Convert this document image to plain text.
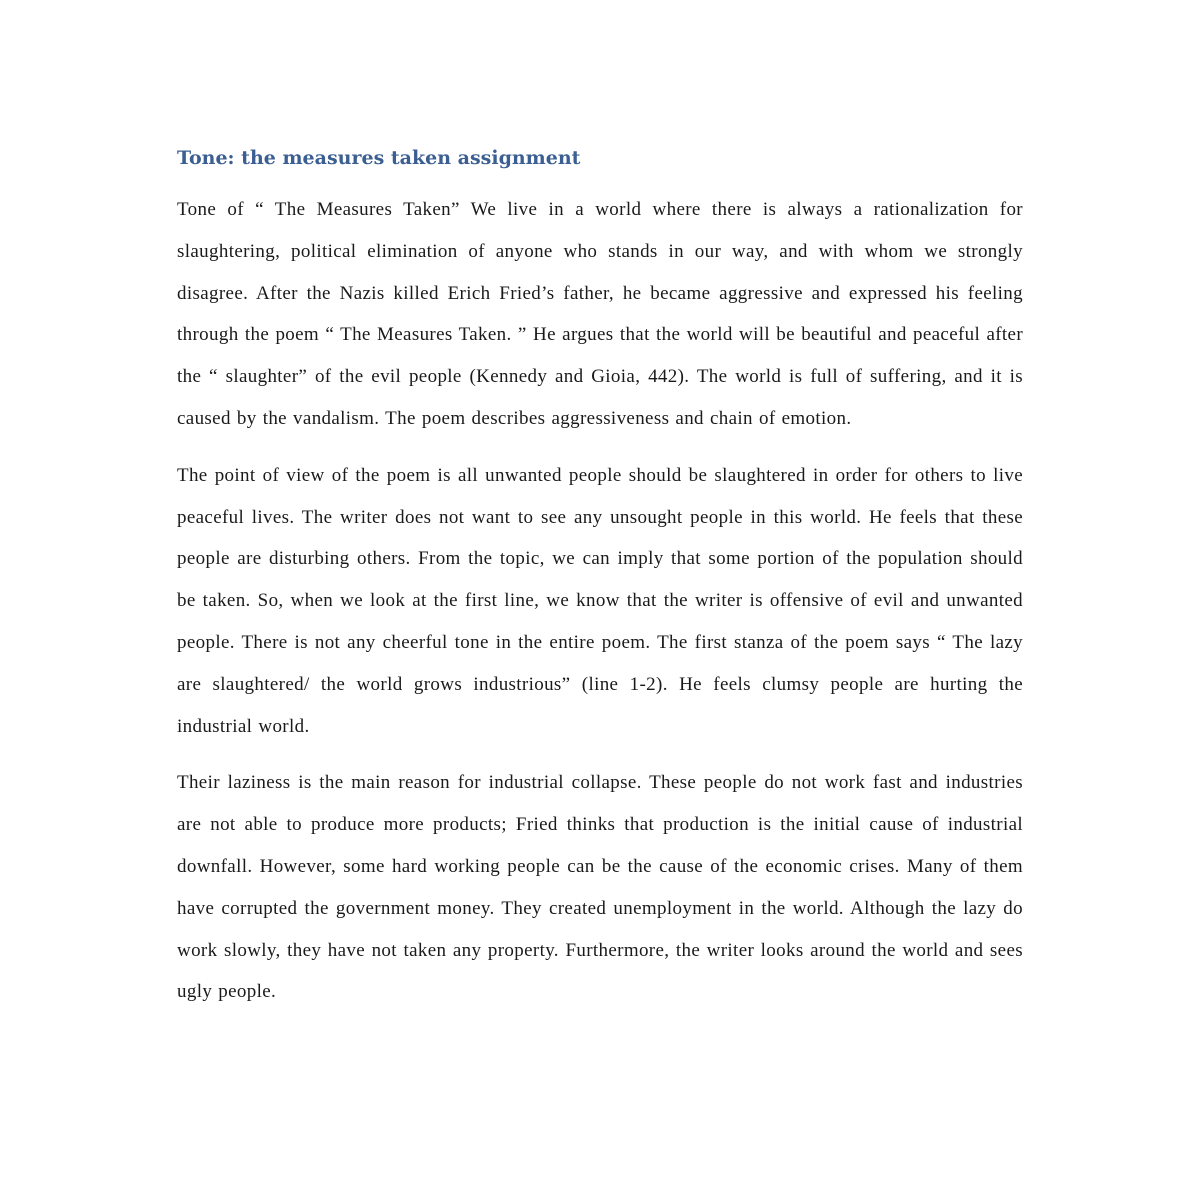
Tone: the measures taken assignment

Tone of “ The Measures Taken” We live in a world where there is always a rationalization for slaughtering, political elimination of anyone who stands in our way, and with whom we strongly disagree. After the Nazis killed Erich Fried’s father, he became aggressive and expressed his feeling through the poem “ The Measures Taken. ” He argues that the world will be beautiful and peaceful after the “ slaughter” of the evil people (Kennedy and Gioia, 442). The world is full of suffering, and it is caused by the vandalism. The poem describes aggressiveness and chain of emotion.

The point of view of the poem is all unwanted people should be slaughtered in order for others to live peaceful lives. The writer does not want to see any unsought people in this world. He feels that these people are disturbing others. From the topic, we can imply that some portion of the population should be taken. So, when we look at the first line, we know that the writer is offensive of evil and unwanted people. There is not any cheerful tone in the entire poem. The first stanza of the poem says “ The lazy are slaughtered/ the world grows industrious” (line 1-2). He feels clumsy people are hurting the industrial world.

Their laziness is the main reason for industrial collapse. These people do not work fast and industries are not able to produce more products; Fried thinks that production is the initial cause of industrial downfall. However, some hard working people can be the cause of the economic crises. Many of them have corrupted the government money. They created unemployment in the world. Although the lazy do work slowly, they have not taken any property. Furthermore, the writer looks around the world and sees ugly people.
